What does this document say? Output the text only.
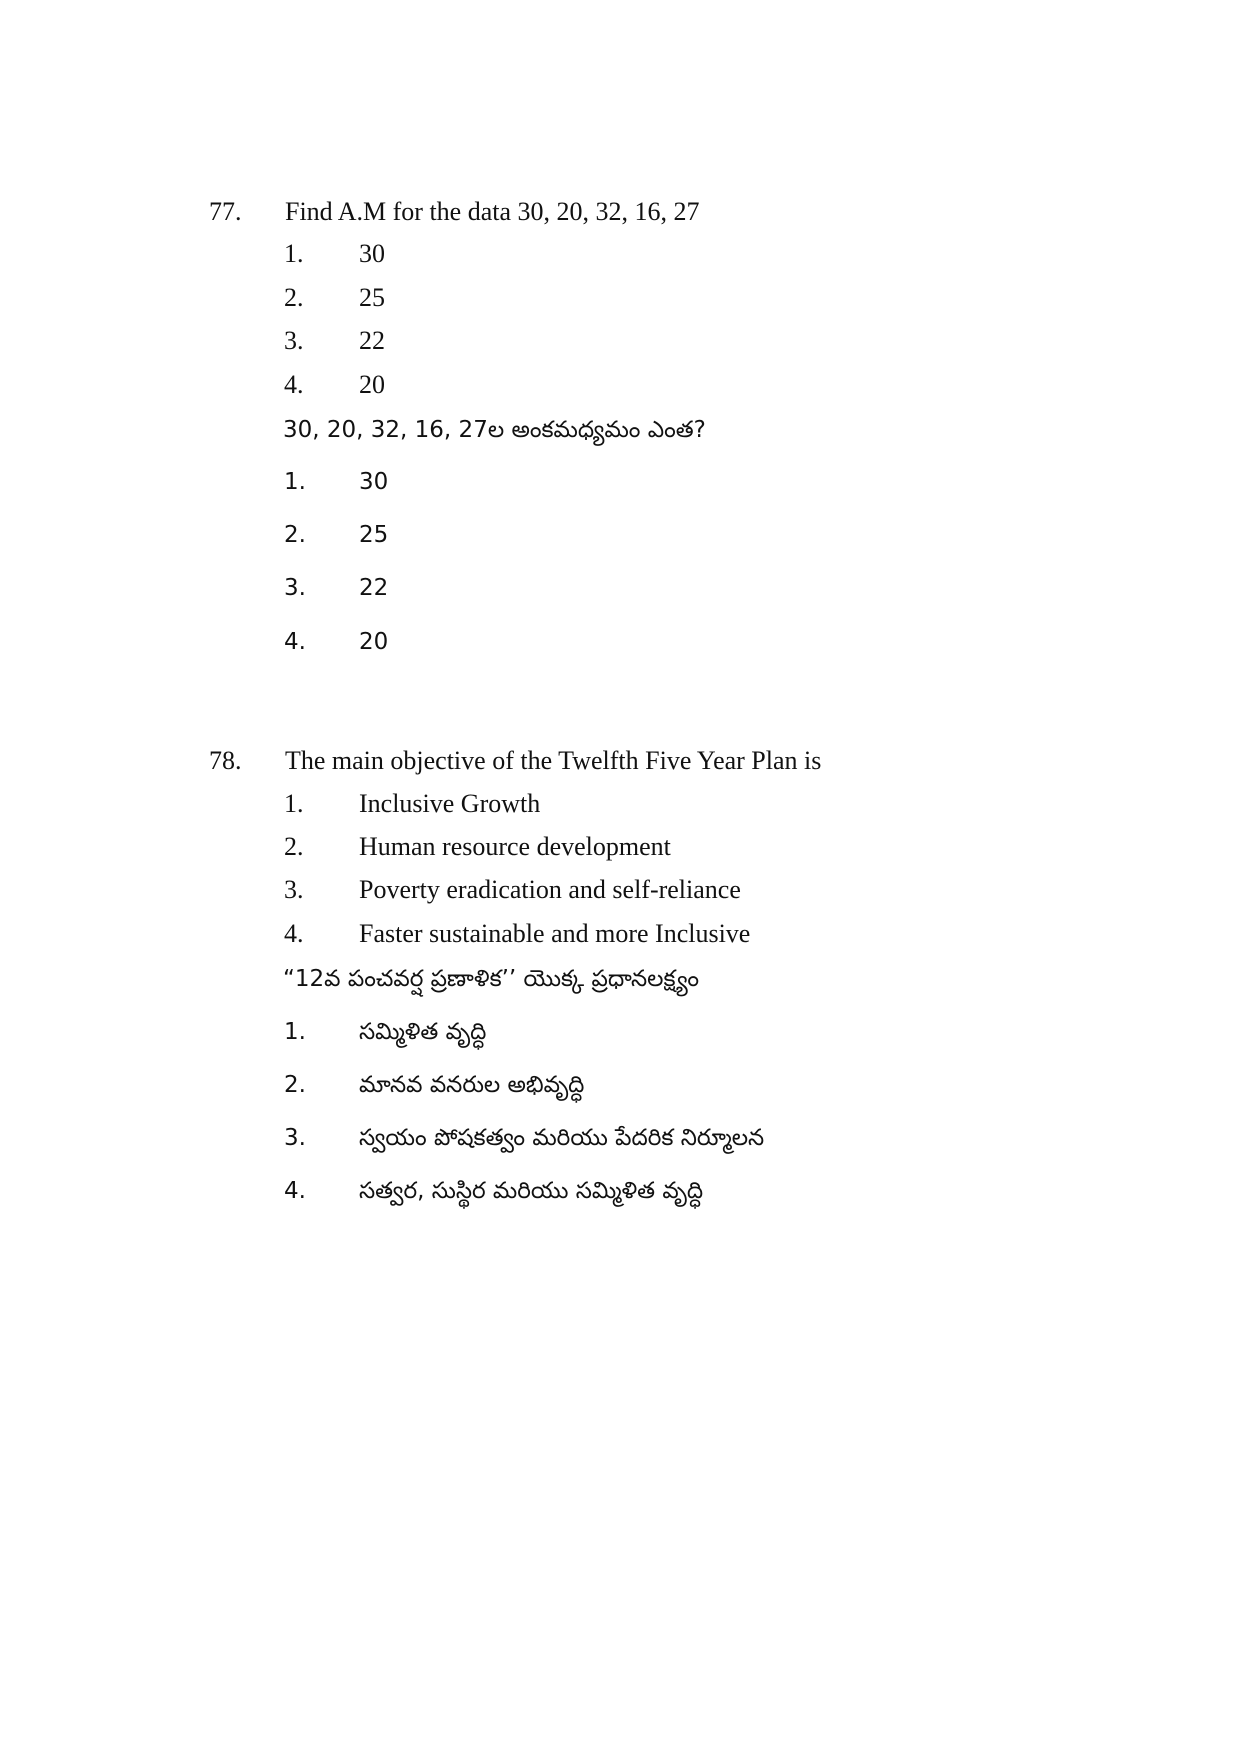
77. Find A.M for the data 30, 20, 32, 16, 27
1. 30
2. 25
3. 22
4. 20
30, 20, 32, 16, 27ల అంకమధ్యమం ఎంత?
1. 30
2. 25
3. 22
4. 20
78. The main objective of the Twelfth Five Year Plan is
1. Inclusive Growth
2. Human resource development
3. Poverty eradication and self-reliance
4. Faster sustainable and more Inclusive
“12వ పంచవర్ష ప్రణాళిక’’ యొక్క ప్రధానలక్ష్యం
1. సమ్మిళిత వృద్ధి
2. మానవ వనరుల అభివృద్ధి
3. స్వయం పోషకత్వం మరియు పేదరిక నిర్మూలన
4. సత్వర, సుస్థిర మరియు సమ్మిళిత వృద్ధి
